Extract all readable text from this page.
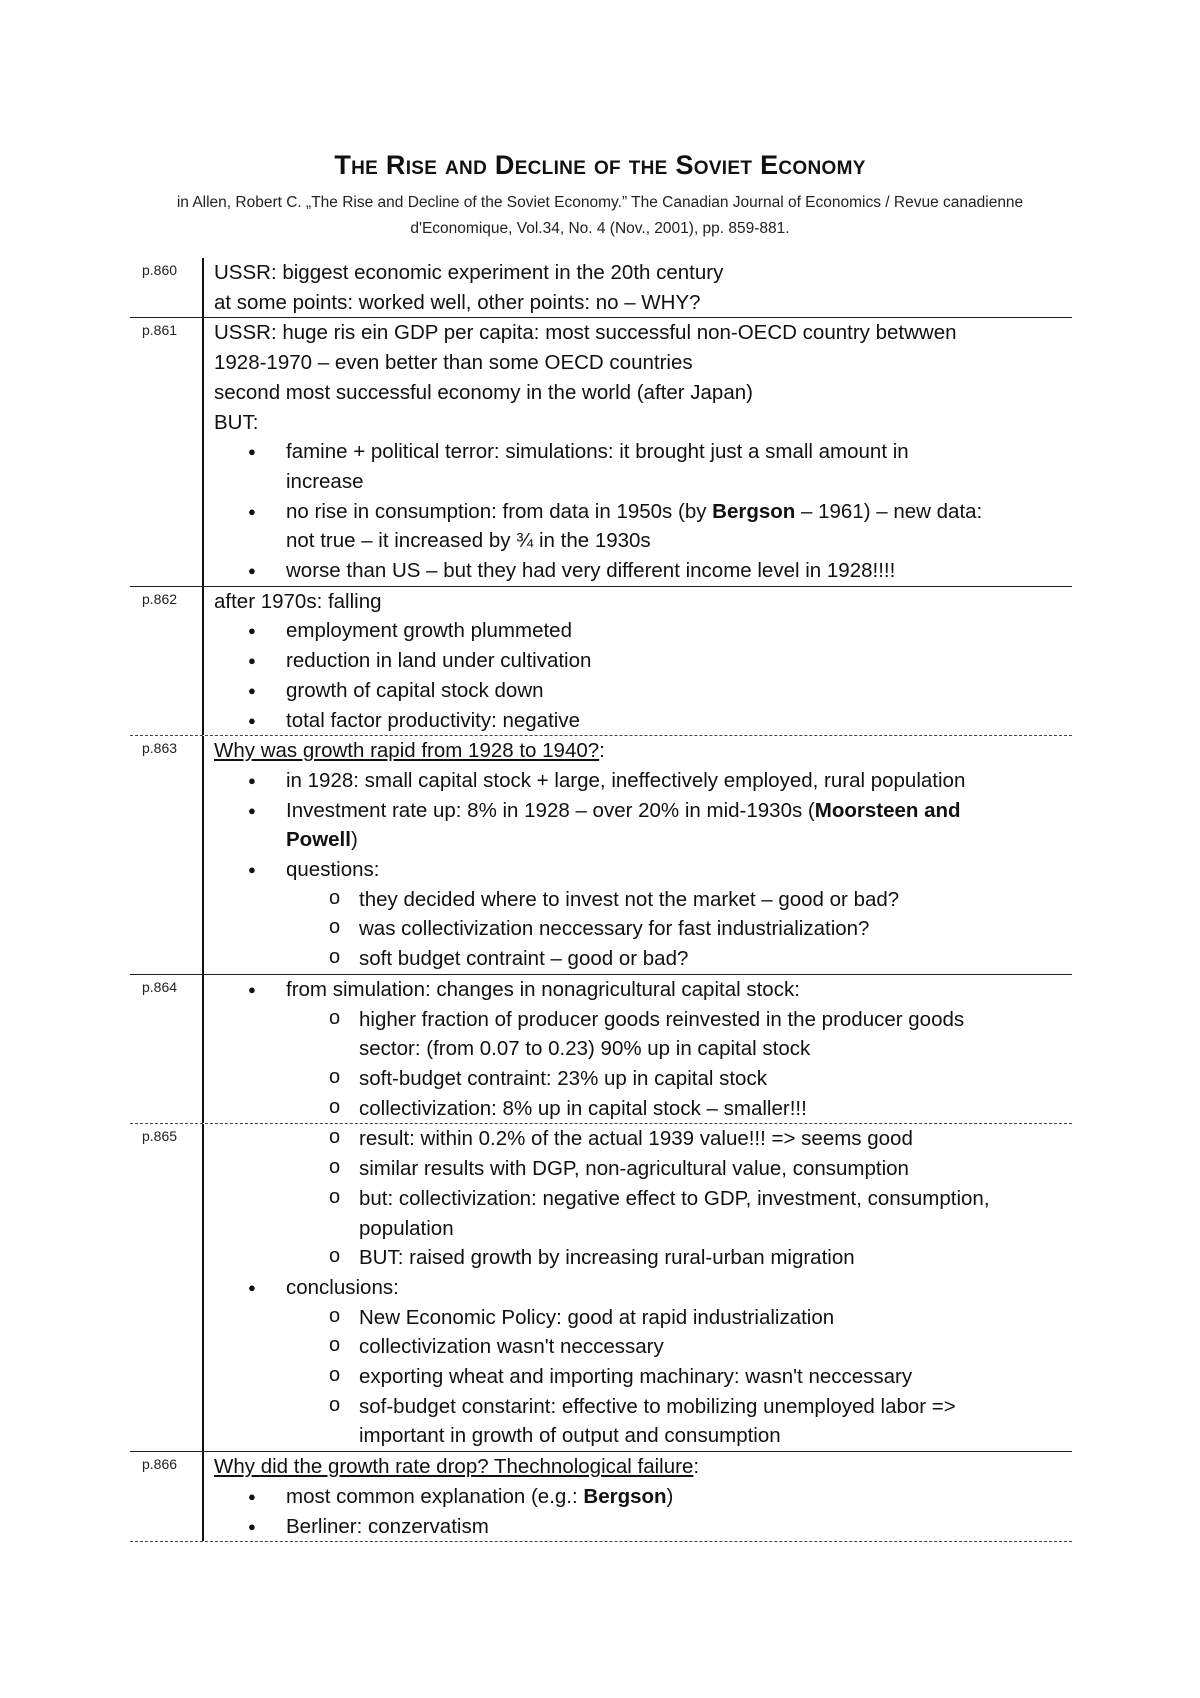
The Rise and Decline of the Soviet Economy
in Allen, Robert C. „The Rise and Decline of the Soviet Economy.” The Canadian Journal of Economics / Revue canadienne
d'Economique, Vol.34, No. 4 (Nov., 2001), pp. 859-881.
p.860 USSR: biggest economic experiment in the 20th century
at some points: worked well, other points: no – WHY?
p.861 USSR: huge ris ein GDP per capita: most successful non-OECD country betwwen
1928-1970 – even better than some OECD countries
second most successful economy in the world (after Japan)
BUT:
● famine + political terror: simulations: it brought just a small amount in
increase
● no rise in consumption: from data in 1950s (by Bergson – 1961) – new data:
not true – it increased by ¾ in the 1930s
● worse than US – but they had very different income level in 1928!!!!
p.862 after 1970s: falling
● employment growth plummeted
● reduction in land under cultivation
● growth of capital stock down
● total factor productivity: negative
p.863 Why was growth rapid from 1928 to 1940?:
● in 1928: small capital stock + large, ineffectively employed, rural population
● Investment rate up: 8% in 1928 – over 20% in mid-1930s (Moorsteen and
Powell)
● questions:
o they decided where to invest not the market – good or bad?
o was collectivization neccessary for fast industrialization?
o soft budget contraint – good or bad?
p.864	● from simulation: changes in nonagricultural capital stock:
o higher fraction of producer goods reinvested in the producer goods
sector: (from 0.07 to 0.23) 90% up in capital stock
o soft-budget contraint: 23% up in capital stock
o collectivization: 8% up in capital stock – smaller!!!
p.865	o result: within 0.2% of the actual 1939 value!!! => seems good
o similar results with DGP, non-agricultural value, consumption
o but: collectivization: negative effect to GDP, investment, consumption,
population
o BUT: raised growth by increasing rural-urban migration
● conclusions:
o New Economic Policy: good at rapid industrialization
o collectivization wasn't neccessary
o exporting wheat and importing machinary: wasn't neccessary
o sof-budget constarint: effective to mobilizing unemployed labor =>
important in growth of output and consumption
p.866 Why did the growth rate drop? Thechnological failure:
● most common explanation (e.g.: Bergson)
● Berliner: conzervatism
